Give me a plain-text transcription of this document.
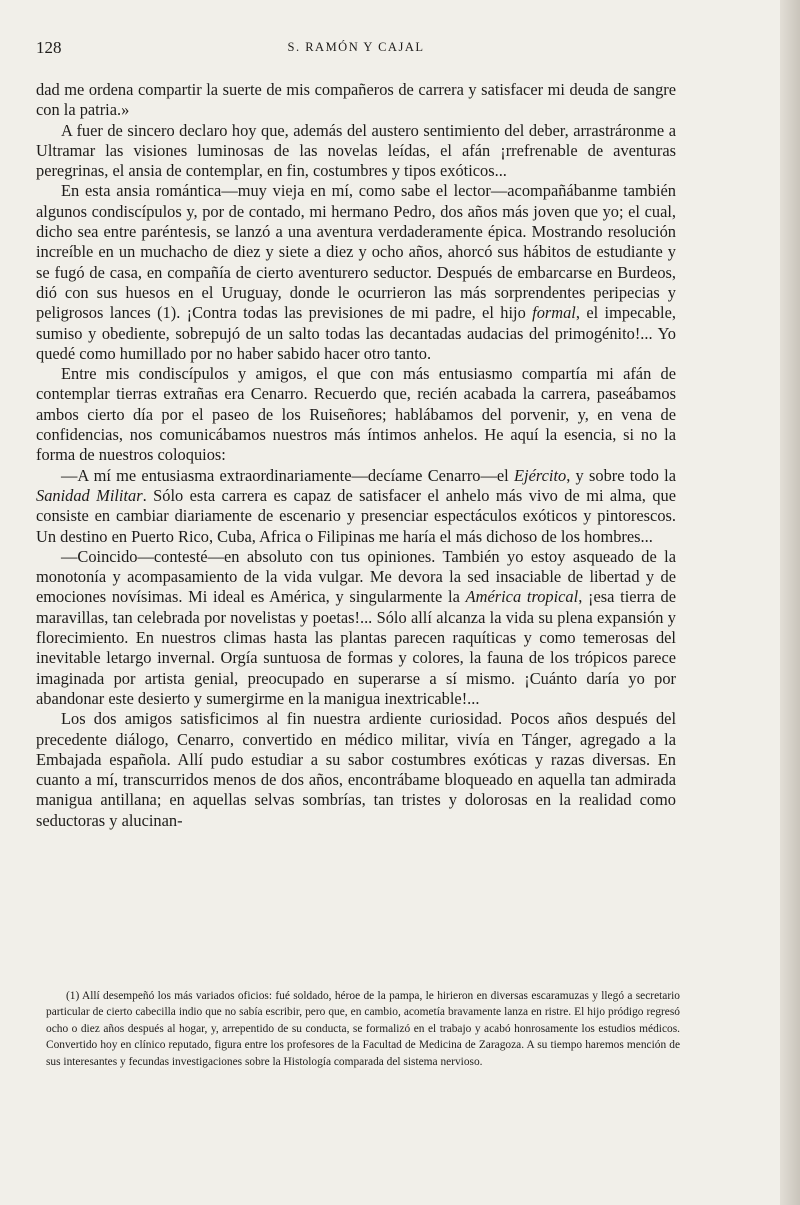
128	S. RAMÓN Y CAJAL

dad me ordena compartir la suerte de mis compañeros de carrera y satisfacer mi deuda de sangre con la patria.»

A fuer de sincero declaro hoy que, además del austero sentimiento del deber, arrastráronme a Ultramar las visiones luminosas de las novelas leídas, el afán ¡rrefrenable de aventuras peregrinas, el ansia de contemplar, en fin, costumbres y tipos exóticos...

En esta ansia romántica—muy vieja en mí, como sabe el lector—acompañábanme también algunos condiscípulos y, por de contado, mi hermano Pedro, dos años más joven que yo; el cual, dicho sea entre paréntesis, se lanzó a una aventura verdaderamente épica. Mostrando resolución increíble en un muchacho de diez y siete a diez y ocho años, ahorcó sus hábitos de estudiante y se fugó de casa, en compañía de cierto aventurero seductor. Después de embarcarse en Burdeos, dió con sus huesos en el Uruguay, donde le ocurrieron las más sorprendentes peripecias y peligrosos lances (1). ¡Contra todas las previsiones de mi padre, el hijo formal, el impecable, sumiso y obediente, sobrepujó de un salto todas las decantadas audacias del primogénito!... Yo quedé como humillado por no haber sabido hacer otro tanto.

Entre mis condiscípulos y amigos, el que con más entusiasmo compartía mi afán de contemplar tierras extrañas era Cenarro. Recuerdo que, recién acabada la carrera, paseábamos ambos cierto día por el paseo de los Ruiseñores; hablábamos del porvenir, y, en vena de confidencias, nos comunicábamos nuestros más íntimos anhelos. He aquí la esencia, si no la forma de nuestros coloquios:

—A mí me entusiasma extraordinariamente—decíame Cenarro—el Ejército, y sobre todo la Sanidad Militar. Sólo esta carrera es capaz de satisfacer el anhelo más vivo de mi alma, que consiste en cambiar diariamente de escenario y presenciar espectáculos exóticos y pintorescos. Un destino en Puerto Rico, Cuba, Africa o Filipinas me haría el más dichoso de los hombres...

—Coincido—contesté—en absoluto con tus opiniones. También yo estoy asqueado de la monotonía y acompasamiento de la vida vulgar. Me devora la sed insaciable de libertad y de emociones novísimas. Mi ideal es América, y singularmente la América tropical, ¡esa tierra de maravillas, tan celebrada por novelistas y poetas!... Sólo allí alcanza la vida su plena expansión y florecimiento. En nuestros climas hasta las plantas parecen raquíticas y como temerosas del inevitable letargo invernal. Orgía suntuosa de formas y colores, la fauna de los trópicos parece imaginada por artista genial, preocupado en superarse a sí mismo. ¡Cuánto daría yo por abandonar este desierto y sumergirme en la manigua inextricable!...

Los dos amigos satisficimos al fin nuestra ardiente curiosidad. Pocos años después del precedente diálogo, Cenarro, convertido en médico militar, vivía en Tánger, agregado a la Embajada española. Allí pudo estudiar a su sabor costumbres exóticas y razas diversas. En cuanto a mí, transcurridos menos de dos años, encontrábame bloqueado en aquella tan admirada manigua antillana; en aquellas selvas sombrías, tan tristes y dolorosas en la realidad como seductoras y alucinan-

(1) Allí desempeñó los más variados oficios: fué soldado, héroe de la pampa, le hirieron en diversas escaramuzas y llegó a secretario particular de cierto cabecilla indio que no sabía escribir, pero que, en cambio, acometía bravamente lanza en ristre. El hijo pródigo regresó ocho o diez años después al hogar, y, arrepentido de su conducta, se formalizó en el trabajo y acabó honrosamente los estudios médicos. Convertido hoy en clínico reputado, figura entre los profesores de la Facultad de Medicina de Zaragoza. A su tiempo haremos mención de sus interesantes y fecundas investigaciones sobre la Histología comparada del sistema nervioso.
